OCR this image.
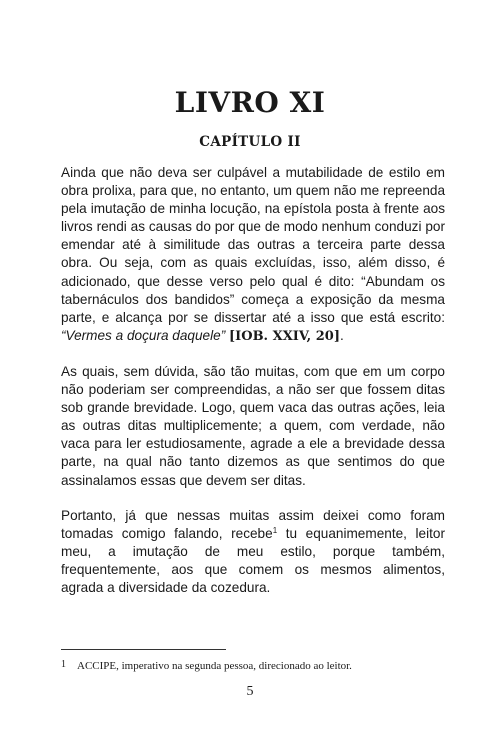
LIVRO XI
CAPÍTULO II

Ainda que não deva ser culpável a mutabilidade de estilo em obra prolixa, para que, no entanto, um quem não me repreenda pela imutação de minha locução, na epístola posta à frente aos livros rendi as causas do por que de modo nenhum conduzi por emendar até à similitude das outras a terceira parte dessa obra. Ou seja, com as quais excluídas, isso, além disso, é adicionado, que desse verso pelo qual é dito: “Abundam os tabernáculos dos bandidos” começa a exposição da mesma parte, e alcança por se dissertar até a isso que está escrito: “Vermes a doçura daquele” [IOB. XXIV, 20].

As quais, sem dúvida, são tão muitas, com que em um corpo não poderiam ser compreendidas, a não ser que fossem ditas sob grande brevidade. Logo, quem vaca das outras ações, leia as outras ditas multiplicemente; a quem, com verdade, não vaca para ler estudiosamente, agrade a ele a brevidade dessa parte, na qual não tanto dizemos as que sentimos do que assinalamos essas que devem ser ditas.

Portanto, já que nessas muitas assim deixei como foram tomadas comigo falando, recebe$^1$ tu equanimemente, leitor meu, a imutação de meu estilo, porque também, frequentemente, aos que comem os mesmos alimentos, agrada a diversidade da cozedura.

1 ACCIPE, imperativo na segunda pessoa, direcionado ao leitor.
5
